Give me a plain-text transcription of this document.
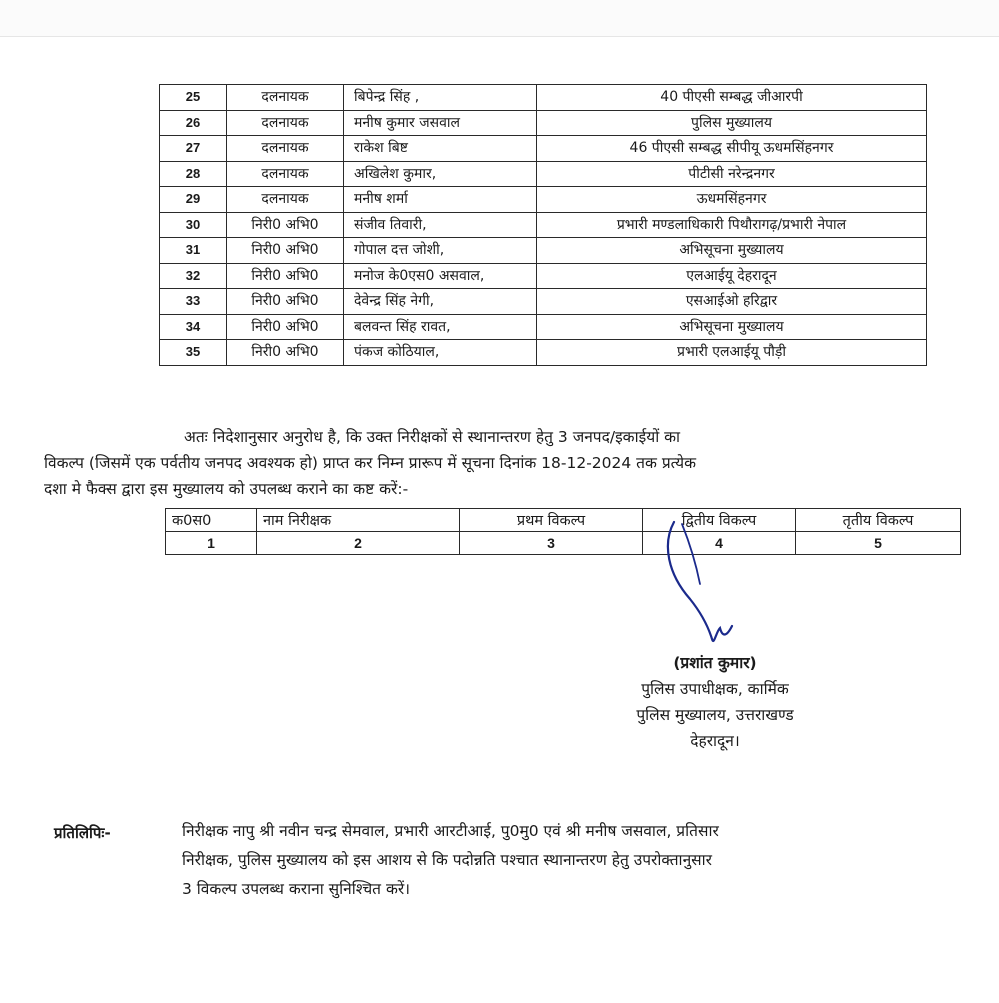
25	दलनायक	बिपेन्द्र सिंह ,	40 पीएसी सम्बद्ध जीआरपी
26	दलनायक	मनीष कुमार जसवाल	पुलिस मुख्यालय
27	दलनायक	राकेश बिष्ट	46 पीएसी सम्बद्ध सीपीयू ऊधमसिंहनगर
28	दलनायक	अखिलेश कुमार,	पीटीसी नरेन्द्रनगर
29	दलनायक	मनीष शर्मा	ऊधमसिंहनगर
30	निरी0 अभि0	संजीव तिवारी,	प्रभारी मण्डलाधिकारी पिथौरागढ़/प्रभारी नेपाल
31	निरी0 अभि0	गोपाल दत्त जोशी,	अभिसूचना मुख्यालय
32	निरी0 अभि0	मनोज के0एस0 असवाल,	एलआईयू देहरादून
33	निरी0 अभि0	देवेन्द्र सिंह नेगी,	एसआईओ हरिद्वार
34	निरी0 अभि0	बलवन्त सिंह रावत,	अभिसूचना मुख्यालय
35	निरी0 अभि0	पंकज कोठियाल,	प्रभारी एलआईयू पौड़ी
अतः निदेशानुसार अनुरोध है, कि उक्त निरीक्षकों से स्थानान्तरण हेतु 3 जनपद/इकाईयों का
विकल्प (जिसमें एक पर्वतीय जनपद अवश्यक हो) प्राप्त कर निम्न प्रारूप में सूचना दिनांक 18-12-2024 तक प्रत्येक
दशा मे फैक्स द्वारा इस मुख्यालय को उपलब्ध कराने का कष्ट करें:-
क0स0	नाम निरीक्षक	प्रथम विकल्प	द्वितीय विकल्प	तृतीय विकल्प
1	2	3	4	5
(प्रशांत कुमार)
पुलिस उपाधीक्षक, कार्मिक
पुलिस मुख्यालय, उत्तराखण्ड
देहरादून।
प्रतिलिपिः-	निरीक्षक नापु श्री नवीन चन्द्र सेमवाल, प्रभारी आरटीआई, पु0मु0 एवं श्री मनीष जसवाल, प्रतिसार
निरीक्षक, पुलिस मुख्यालय को इस आशय से कि पदोन्नति पश्चात स्थानान्तरण हेतु उपरोक्तानुसार
3 विकल्प उपलब्ध कराना सुनिश्चित करें।
